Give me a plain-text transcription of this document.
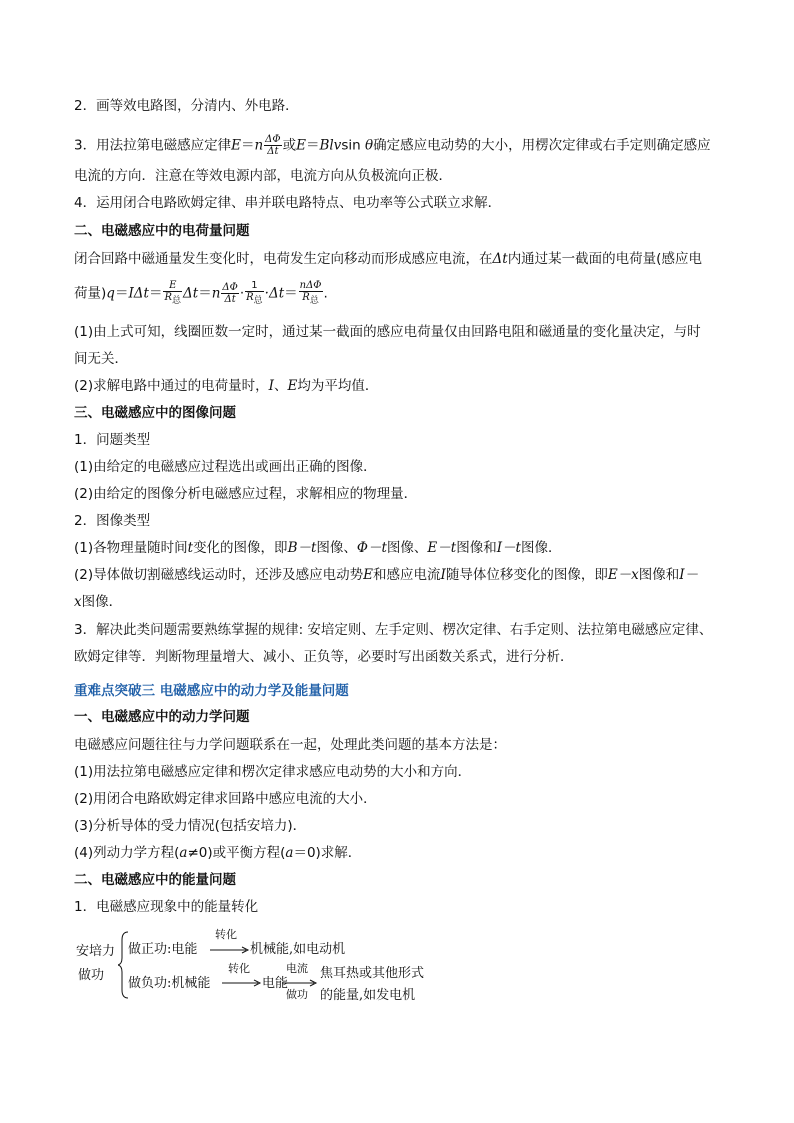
2．画等效电路图，分清内、外电路．
3．用法拉第电磁感应定律$E=n \frac{\Delta\Phi}{\Delta t}$ 或E＝Blvsin θ确定感应电动势的大小，用楞次定律或右手定则确定感应
电流的方向．注意在等效电源内部，电流方向从负极流向正极．
4．运用闭合电路欧姆定律、串并联电路特点、电功率等公式联立求解．
二、电磁感应中的电荷量问题
闭合回路中磁通量发生变化时，电荷发生定向移动而形成感应电流，在Δt内通过某一截面的电荷量(感应电
荷量)$q=I\Delta t= \frac{E}{\text{R总}} \Delta t=n \frac{\Delta\Phi}{\Delta t} \cdot \frac{1}{\text{R总}} \cdot\Delta t= \frac{\text{nΔΦ}}{\text{R总}}$ .
(1)由上式可知，线圈匝数一定时，通过某一截面的感应电荷量仅由回路电阻和磁通量的变化量决定，与时
间无关．
(2)求解电路中通过的电荷量时，I、E均为平均值．
三、电磁感应中的图像问题
1．问题类型
(1)由给定的电磁感应过程选出或画出正确的图像．
(2)由给定的图像分析电磁感应过程，求解相应的物理量．
2．图像类型
(1)各物理量随时间t变化的图像，即B－t图像、Φ－t图像、E－t图像和I－t图像．
(2)导体做切割磁感线运动时，还涉及感应电动势E和感应电流I随导体位移变化的图像，即E－x图像和I－
x图像．
3．解决此类问题需要熟练掌握的规律: 安培定则、左手定则、楞次定律、右手定则、法拉第电磁感应定律、
欧姆定律等．判断物理量增大、减小、正负等，必要时写出函数关系式，进行分析．
重难点突破三 电磁感应中的动力学及能量问题
一、电磁感应中的动力学问题
电磁感应问题往往与力学问题联系在一起，处理此类问题的基本方法是：
(1)用法拉第电磁感应定律和楞次定律求感应电动势的大小和方向．
(2)用闭合电路欧姆定律求回路中感应电流的大小．
(3)分析导体的受力情况(包括安培力)．
(4)列动力学方程(a≠0)或平衡方程(a＝0)求解．
二、电磁感应中的能量问题
1．电磁感应现象中的能量转化
安培力
做功
做正功:电能
转化
机械能,如电动机
做负功:机械能
转化
电能
电流
做功
焦耳热或其他形式
的能量,如发电机
